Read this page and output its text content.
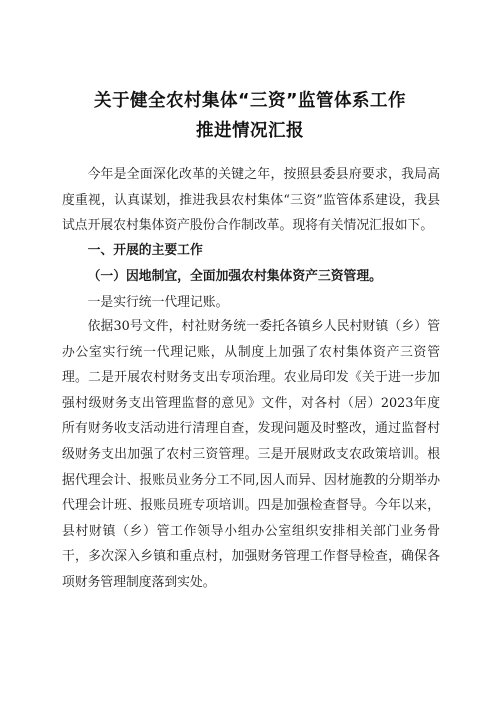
关于健全农村集体“三资”监管体系工作
推进情况汇报
今年是全面深化改革的关键之年，按照县委县府要求，我局高度重视，认真谋划，推进我县农村集体“三资”监管体系建设，我县试点开展农村集体资产股份合作制改革。现将有关情况汇报如下。
一、开展的主要工作
（一）因地制宜，全面加强农村集体资产三资管理。
一是实行统一代理记账。
依据30号文件，村社财务统一委托各镇乡人民村财镇（乡）管办公室实行统一代理记账，从制度上加强了农村集体资产三资管理。二是开展农村财务支出专项治理。农业局印发《关于进一步加强村级财务支出管理监督的意见》文件，对各村（居）2023年度所有财务收支活动进行清理自查，发现问题及时整改，通过监督村级财务支出加强了农村三资管理。三是开展财政支农政策培训。根据代理会计、报账员业务分工不同,因人而异、因材施教的分期举办代理会计班、报账员班专项培训。四是加强检查督导。今年以来，县村财镇（乡）管工作领导小组办公室组织安排相关部门业务骨干，多次深入乡镇和重点村，加强财务管理工作督导检查，确保各项财务管理制度落到实处。
